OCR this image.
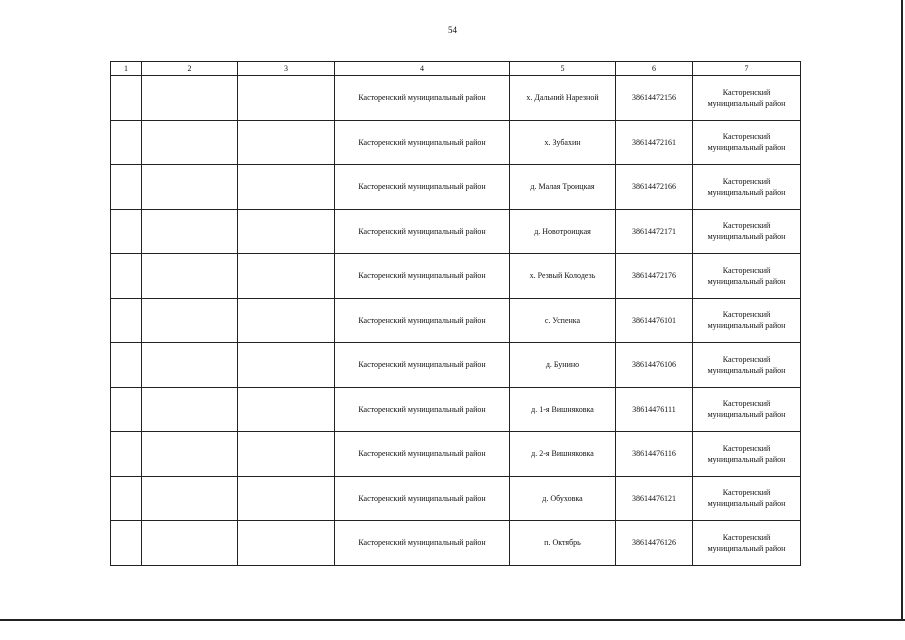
54
1	2	3	4	5	6	7
			Касторенский муниципальный район	х. Дальний Нарезной	38614472156	Касторенский муниципальный район
			Касторенский муниципальный район	х. Зубахин	38614472161	Касторенский муниципальный район
			Касторенский муниципальный район	д. Малая Троицкая	38614472166	Касторенский муниципальный район
			Касторенский муниципальный район	д. Новотроицкая	38614472171	Касторенский муниципальный район
			Касторенский муниципальный район	х. Резвый Колодезь	38614472176	Касторенский муниципальный район
			Касторенский муниципальный район	с. Успенка	38614476101	Касторенский муниципальный район
			Касторенский муниципальный район	д. Бунино	38614476106	Касторенский муниципальный район
			Касторенский муниципальный район	д. 1-я Вишняковка	38614476111	Касторенский муниципальный район
			Касторенский муниципальный район	д. 2-я Вишняковка	38614476116	Касторенский муниципальный район
			Касторенский муниципальный район	д. Обуховка	38614476121	Касторенский муниципальный район
			Касторенский муниципальный район	п. Октябрь	38614476126	Касторенский муниципальный район
